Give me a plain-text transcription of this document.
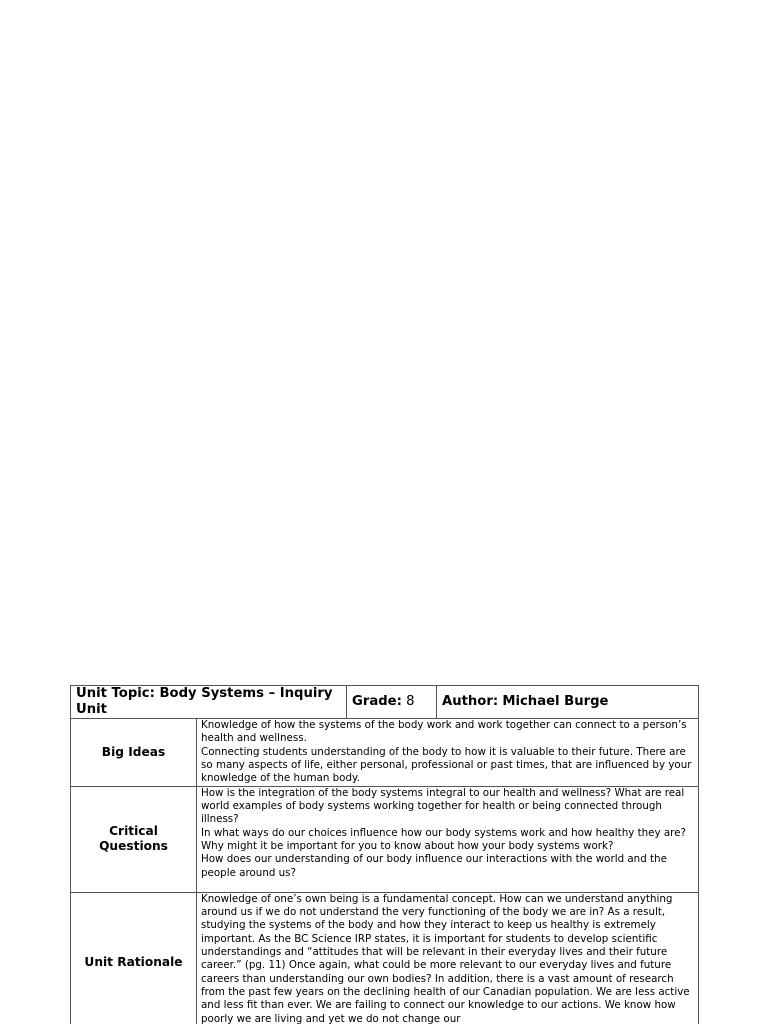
Unit Topic: Body Systems – Inquiry Unit		Grade: 8	Author: Michael Burge
Big Ideas	Knowledge of how the systems of the body work and work together can connect to a person’s health and wellness.

Connecting students understanding of the body to how it is valuable to their future. There are so many aspects of life, either personal, professional or past times, that are influenced by your knowledge of the human body.		

Critical Questions	How is the integration of the body systems integral to our health and wellness? What are real world examples of body systems working together for health or being connected through illness?

In what ways do our choices influence how our body systems work and how healthy they are?

Why might it be important for you to know about how your body systems work?

How does our understanding of our body influence our interactions with the world and the people around us?		

Unit Rationale	Knowledge of one’s own being is a fundamental concept. How can we understand anything around us if we do not understand the very functioning of the body we are in? As a result, studying the systems of the body and how they interact to keep us healthy is extremely important. As the BC Science IRP states, it is important for students to develop scientific understandings and “attitudes that will be relevant in their everyday lives and their future career.” (pg. 11) Once again, what could be more relevant to our everyday lives and future careers than understanding our own bodies? In addition, there is a vast amount of research from the past few years on the declining health of our Canadian population. We are less active and less fit than ever. We are failing to connect our knowledge to our actions. We know how poorly we are living and yet we do not change our		
